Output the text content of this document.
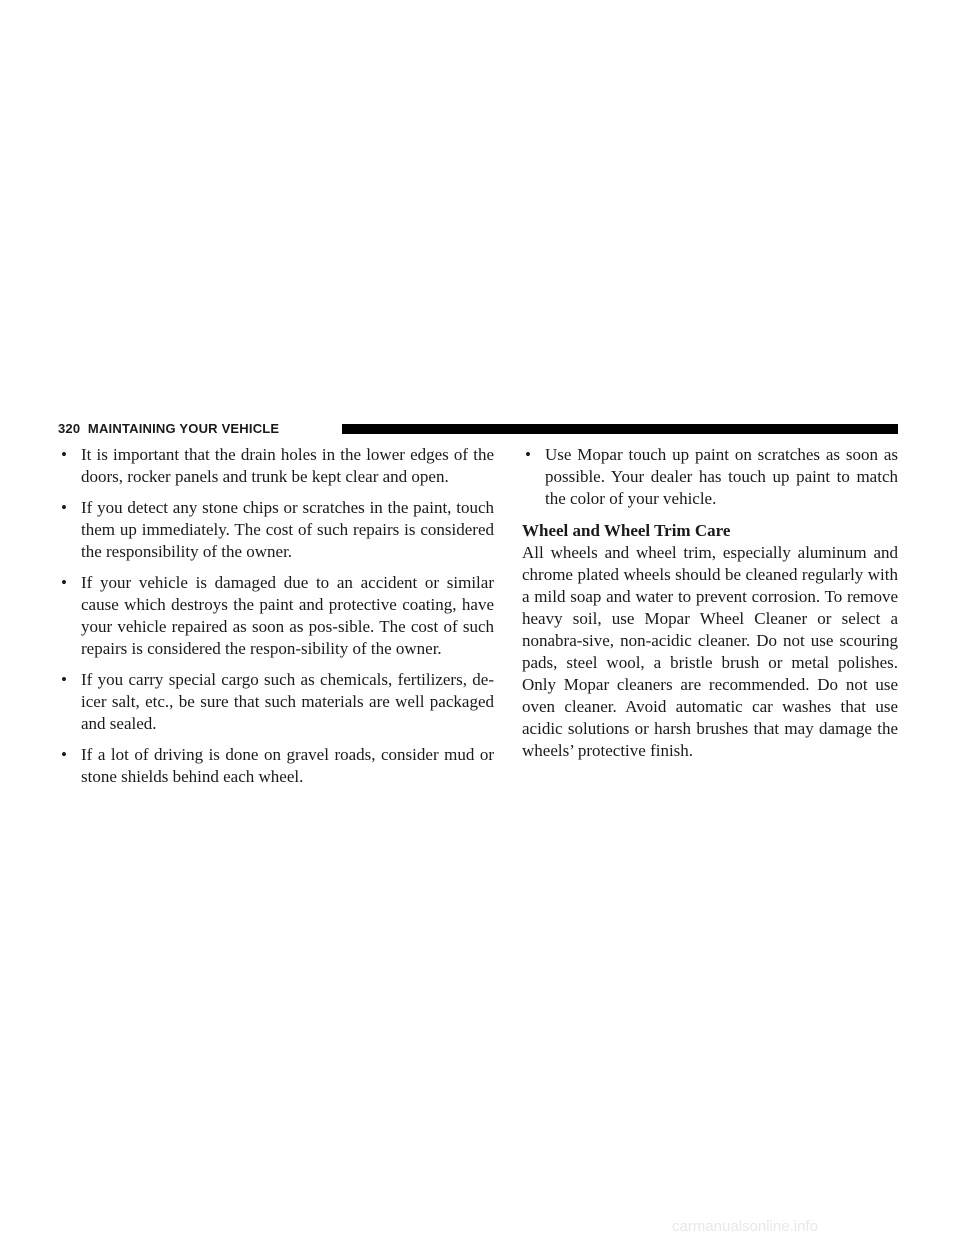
320 MAINTAINING YOUR VEHICLE
• It is important that the drain holes in the lower edges of the doors, rocker panels and trunk be kept clear and open.
• If you detect any stone chips or scratches in the paint, touch them up immediately. The cost of such repairs is considered the responsibility of the owner.
• If your vehicle is damaged due to an accident or similar cause which destroys the paint and protective coating, have your vehicle repaired as soon as pos-sible. The cost of such repairs is considered the respon-sibility of the owner.
• If you carry special cargo such as chemicals, fertilizers, de-icer salt, etc., be sure that such materials are well packaged and sealed.
• If a lot of driving is done on gravel roads, consider mud or stone shields behind each wheel.
• Use Mopar touch up paint on scratches as soon as possible. Your dealer has touch up paint to match the color of your vehicle.

Wheel and Wheel Trim Care

All wheels and wheel trim, especially aluminum and chrome plated wheels should be cleaned regularly with a mild soap and water to prevent corrosion. To remove heavy soil, use Mopar Wheel Cleaner or select a nonabra-sive, non-acidic cleaner. Do not use scouring pads, steel wool, a bristle brush or metal polishes. Only Mopar cleaners are recommended. Do not use oven cleaner. Avoid automatic car washes that use acidic solutions or harsh brushes that may damage the wheels’ protective finish.

carmanualsonline.info
